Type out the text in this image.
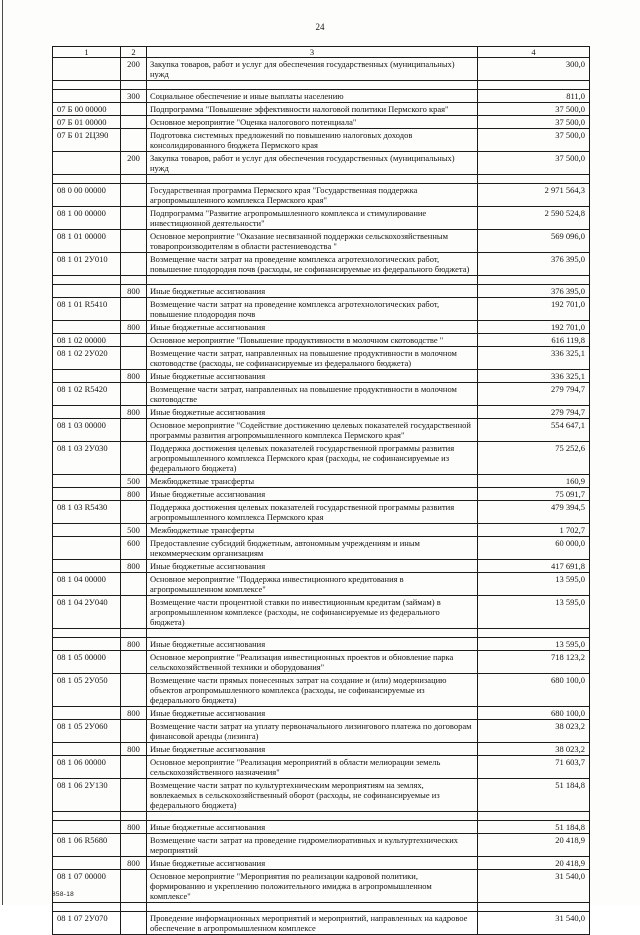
24
1	2	3	4
	200	Закупка товаров, работ и услуг для обеспечения государственных (муниципальных) нужд	300,0

	300	Социальное обеспечение и иные выплаты населению	811,0
07 Б 00 00000		Подпрограмма "Повышение эффективности налоговой политики Пермского края"	37 500,0
07 Б 01 00000		Основное мероприятие "Оценка налогового потенциала"	37 500,0
07 Б 01 2Ц390		Подготовка системных предложений по повышению налоговых доходов консолидированного бюджета Пермского края	37 500,0
	200	Закупка товаров, работ и услуг для обеспечения государственных (муниципальных) нужд	37 500,0

08 0 00 00000		Государственная программа Пермского края "Государственная поддержка агропромышленного комплекса Пермского края"	2 971 564,3
08 1 00 00000		Подпрограмма "Развитие агропромышленного комплекса и стимулирование инвестиционной деятельности"	2 590 524,8
08 1 01 00000		Основное мероприятие "Оказание несвязанной поддержки сельскохозяйственным товаропроизводителям в области растениеводства "	569 096,0
08 1 01 2У010		Возмещение части затрат на проведение комплекса агротехнологических работ, повышение плодородия почв (расходы, не софинансируемые из федерального бюджета)	376 395,0

	800	Иные бюджетные ассигнования	376 395,0
08 1 01 R5410		Возмещение части затрат на проведение комплекса агротехнологических работ, повышение плодородия почв	192 701,0
	800	Иные бюджетные ассигнования	192 701,0
08 1 02 00000		Основное мероприятие "Повышение продуктивности в молочном скотоводстве "	616 119,8
08 1 02 2У020		Возмещение части затрат, направленных на повышение продуктивности в молочном скотоводстве (расходы, не софинансируемые из федерального бюджета)	336 325,1
	800	Иные бюджетные ассигнования	336 325,1
08 1 02 R5420		Возмещение части затрат, направленных на повышение продуктивности в молочном скотоводстве	279 794,7
	800	Иные бюджетные ассигнования	279 794,7
08 1 03 00000		Основное мероприятие "Содействие достижению целевых показателей государственной программы развития агропромышленного комплекса Пермского края"	554 647,1
08 1 03 2У030		Поддержка достижения целевых показателей государственной программы развития агропромышленного комплекса Пермского края (расходы, не софинансируемые из федерального бюджета)	75 252,6
	500	Межбюджетные трансферты	160,9
	800	Иные бюджетные ассигнования	75 091,7
08 1 03 R5430		Поддержка достижения целевых показателей государственной программы развития агропромышленного комплекса Пермского края	479 394,5
	500	Межбюджетные трансферты	1 702,7
	600	Предоставление субсидий бюджетным, автономным учреждениям и иным некоммерческим организациям	60 000,0
	800	Иные бюджетные ассигнования	417 691,8
08 1 04 00000		Основное мероприятие "Поддержка инвестиционного кредитования в агропромышленном комплексе"	13 595,0
08 1 04 2У040		Возмещение части процентной ставки по инвестиционным кредитам (займам) в агропромышленном комплексе (расходы, не софинансируемые из федерального бюджета)	13 595,0

	800	Иные бюджетные ассигнования	13 595,0
08 1 05 00000		Основное мероприятие "Реализация инвестиционных проектов и обновление парка сельскохозяйственной техники и оборудования"	718 123,2
08 1 05 2У050		Возмещение части прямых понесенных затрат на создание и (или) модернизацию объектов агропромышленного комплекса (расходы, не софинансируемые из федерального бюджета)	680 100,0
	800	Иные бюджетные ассигнования	680 100,0
08 1 05 2У060		Возмещение части затрат на уплату первоначального лизингового платежа по договорам финансовой аренды (лизинга)	38 023,2
	800	Иные бюджетные ассигнования	38 023,2
08 1 06 00000		Основное мероприятие "Реализация мероприятий в области мелиорации земель сельскохозяйственного назначения"	71 603,7
08 1 06 2У130		Возмещение части затрат по культуртехническим мероприятиям на землях, вовлекаемых в сельскохозяйственный оборот (расходы, не софинансируемые из федерального бюджета)	51 184,8

	800	Иные бюджетные ассигнования	51 184,8
08 1 06 R5680		Возмещение части затрат на проведение гидромелиоративных и культуртехнических мероприятий	20 418,9
	800	Иные бюджетные ассигнования	20 418,9
08 1 07 00000		Основное мероприятие "Мероприятия по реализации кадровой политики, формированию и укреплению положительного имиджа в агропромышленном комплексе"	31 540,0

08 1 07 2У070		Проведение информационных мероприятий и мероприятий, направленных на кадровое обеспечение в агропромышленном комплексе	31 540,0
858-18
